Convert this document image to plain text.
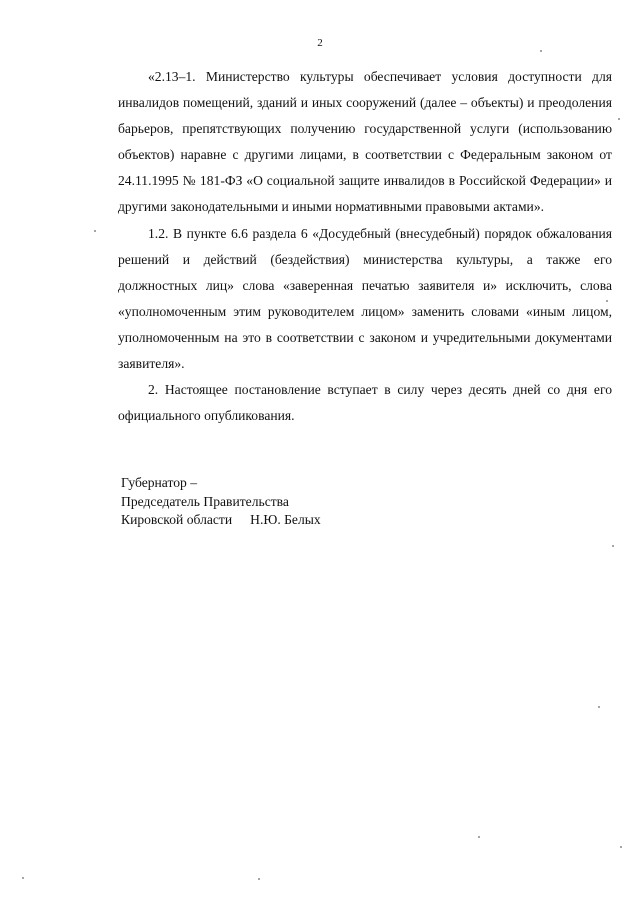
2

«2.13–1. Министерство культуры обеспечивает условия доступности для инвалидов помещений, зданий и иных сооружений (далее – объекты) и преодоления барьеров, препятствующих получению государственной услуги (использованию объектов) наравне с другими лицами, в соответствии с Федеральным законом от 24.11.1995 № 181-ФЗ «О социальной защите инвалидов в Российской Федерации» и другими законодательными и иными нормативными правовыми актами».

1.2. В пункте 6.6 раздела 6 «Досудебный (внесудебный) порядок обжалования решений и действий (бездействия) министерства культуры, а также его должностных лиц» слова «заверенная печатью заявителя и» исключить, слова «уполномоченным этим руководителем лицом» заменить словами «иным лицом, уполномоченным на это в соответствии с законом и учредительными документами заявителя».

2. Настоящее постановление вступает в силу через десять дней со дня его официального опубликования.

Губернатор –
Председатель Правительства
Кировской области Н.Ю. Белых
